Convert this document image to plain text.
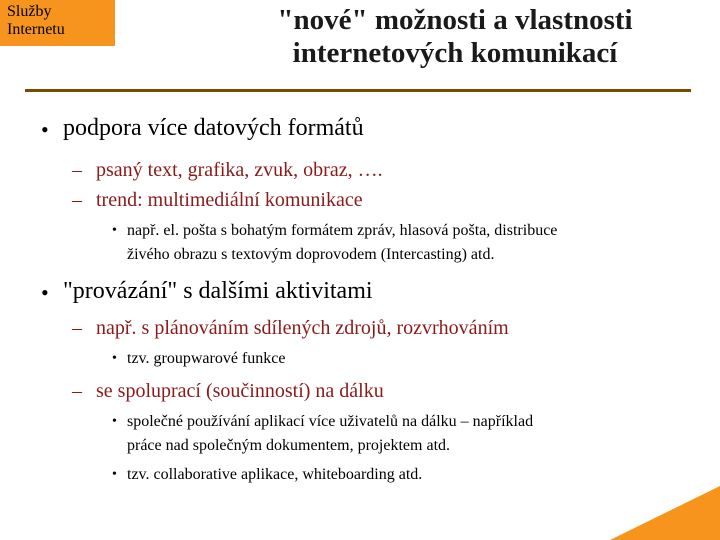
Služby
Internetu	"nové" možnosti a vlastnosti
internetových komunikací
• podpora více datových formátů
– psaný text, grafika, zvuk, obraz, ….
– trend: multimediální komunikace
• např. el. pošta s bohatým formátem zpráv, hlasová pošta, distribuce
živého obrazu s textovým doprovodem (Intercasting) atd.
• "provázání" s dalšími aktivitami
– např. s plánováním sdílených zdrojů, rozvrhováním
• tzv. groupwarové funkce
– se spoluprací (součinností) na dálku
• společné používání aplikací více uživatelů na dálku – například
práce nad společným dokumentem, projektem atd.
• tzv. collaborative aplikace, whiteboarding atd.
